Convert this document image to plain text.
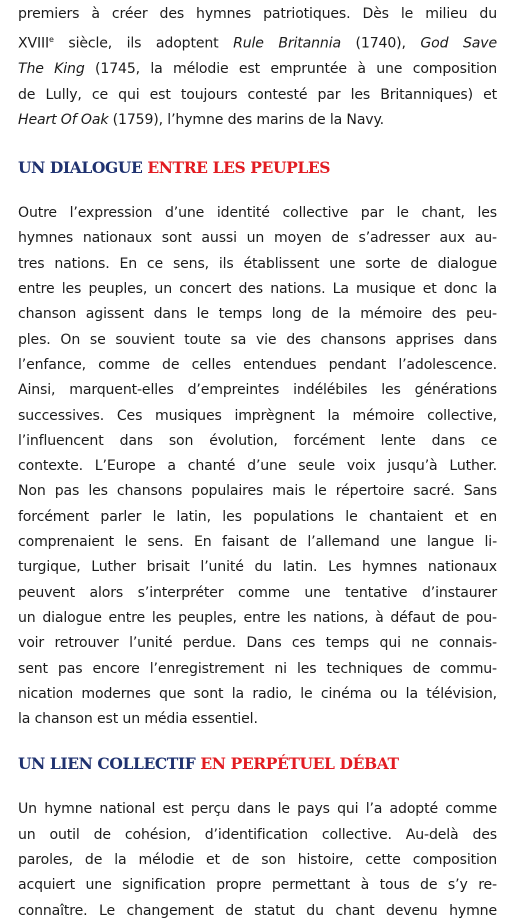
premiers à créer des hymnes patriotiques. Dès le milieu du
XVIIIe siècle, ils adoptent Rule Britannia (1740), God Save
The King (1745, la mélodie est empruntée à une composition
de Lully, ce qui est toujours contesté par les Britanniques) et
Heart Of Oak (1759), l’hymne des marins de la Navy.
UN DIALOGUE ENTRE LES PEUPLES
Outre l’expression d’une identité collective par le chant, les
hymnes nationaux sont aussi un moyen de s’adresser aux au-
tres nations. En ce sens, ils établissent une sorte de dialogue
entre les peuples, un concert des nations. La musique et donc la
chanson agissent dans le temps long de la mémoire des peu-
ples. On se souvient toute sa vie des chansons apprises dans
l’enfance, comme de celles entendues pendant l’adolescence.
Ainsi, marquent-elles d’empreintes indélébiles les générations
successives. Ces musiques imprègnent la mémoire collective,
l’influencent dans son évolution, forcément lente dans ce
contexte. L’Europe a chanté d’une seule voix jusqu’à Luther.
Non pas les chansons populaires mais le répertoire sacré. Sans
forcément parler le latin, les populations le chantaient et en
comprenaient le sens. En faisant de l’allemand une langue li-
turgique, Luther brisait l’unité du latin. Les hymnes nationaux
peuvent alors s’interpréter comme une tentative d’instaurer
un dialogue entre les peuples, entre les nations, à défaut de pou-
voir retrouver l’unité perdue. Dans ces temps qui ne connais-
sent pas encore l’enregistrement ni les techniques de commu-
nication modernes que sont la radio, le cinéma ou la télévision,
la chanson est un média essentiel.
UN LIEN COLLECTIF EN PERPÉTUEL DÉBAT
Un hymne national est perçu dans le pays qui l’a adopté comme
un outil de cohésion, d’identification collective. Au-delà des
paroles, de la mélodie et de son histoire, cette composition
acquiert une signification propre permettant à tous de s’y re-
connaître. Le changement de statut du chant devenu hymne
